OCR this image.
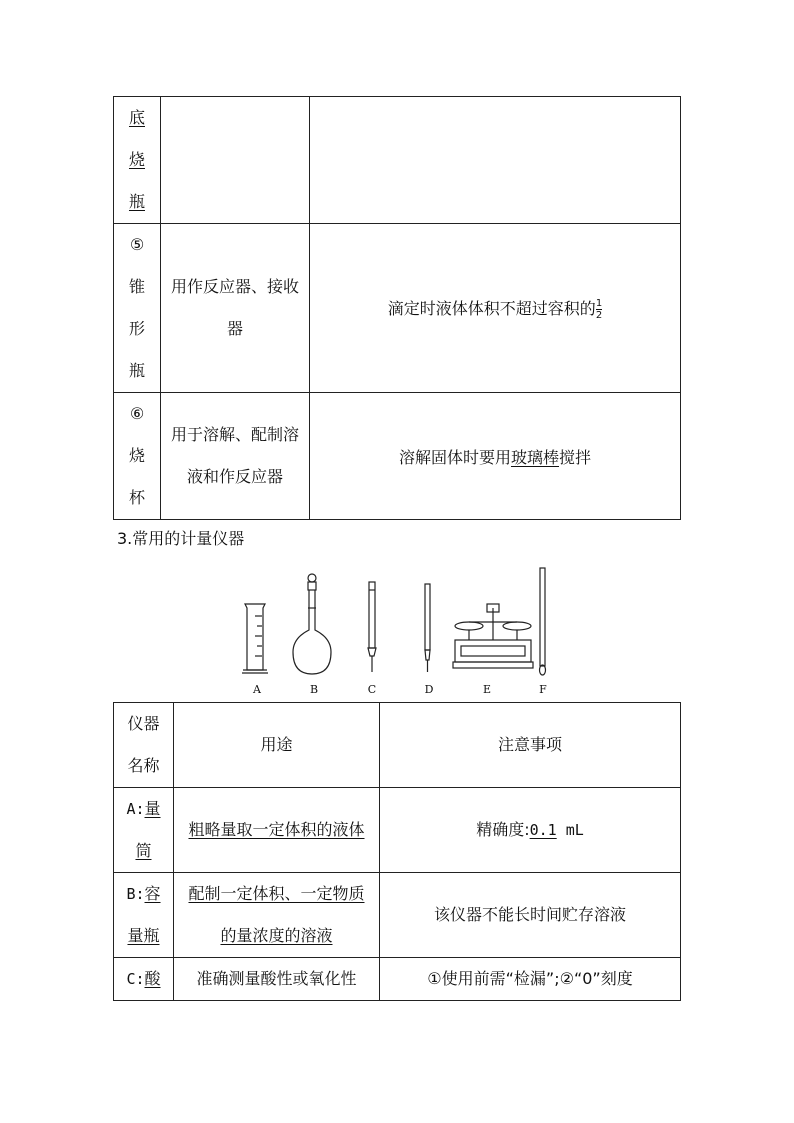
底
烧
瓶		

⑤
锥
形
瓶	用作反应器、接收器	滴定时液体体积不超过容积的 $\frac{1}{2}$

⑥
烧
杯	用于溶解、配制溶液和作反应器	溶解固体时要用玻璃棒搅拌
3.常用的计量仪器
A	B	C	D	E	F
仪器名称	用途	注意事项
A:量筒	粗略量取一定体积的液体	精确度:0.1 mL
B:容量瓶	配制一定体积、一定物质的量浓度的溶液	该仪器不能长时间贮存溶液
C:酸	准确测量酸性或氧化性	①使用前需“检漏”;②“0”刻度
